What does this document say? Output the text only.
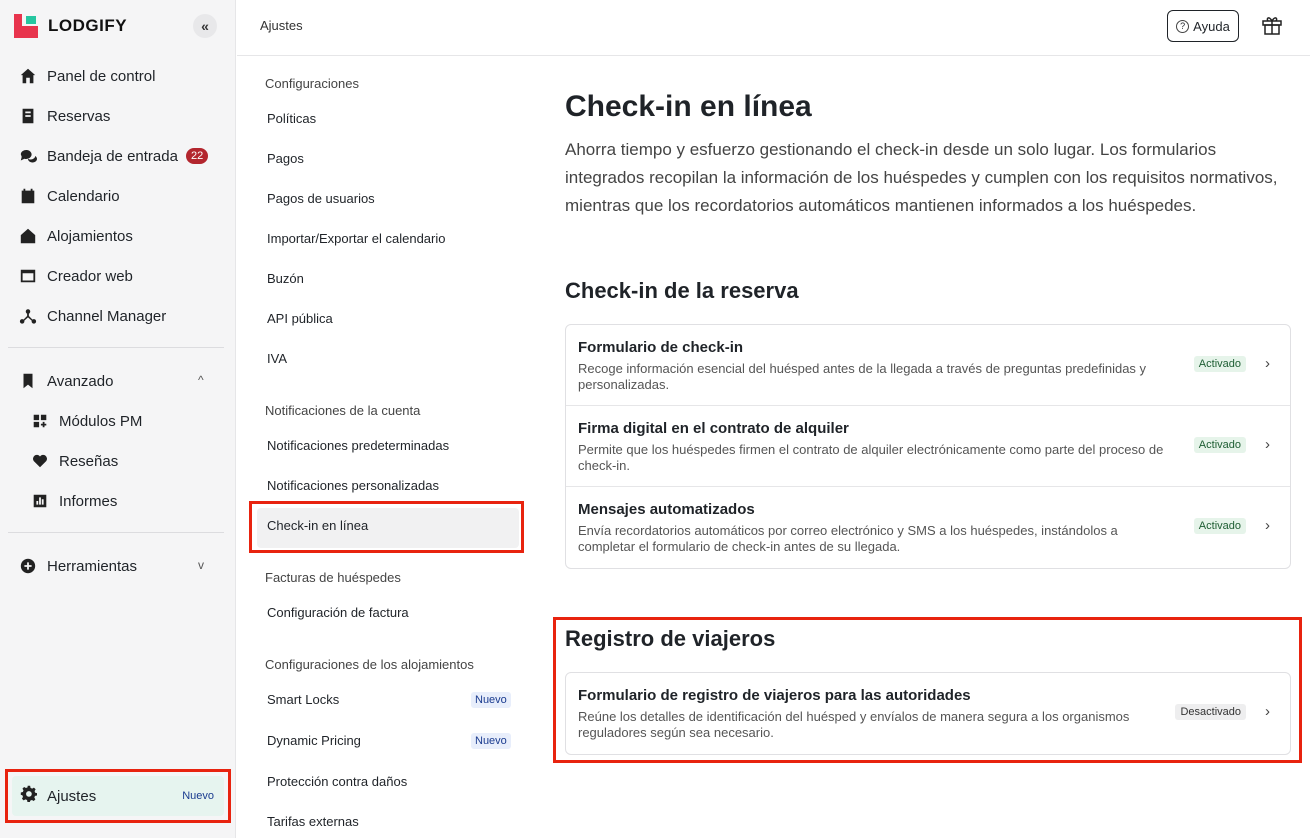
LODGIFY	«
Panel de control
Reservas
Bandeja de entrada	22
Calendario
Alojamientos
Creador web
Channel Manager
Avanzado	^
Módulos PM
Reseñas
Informes
Herramientas	v
Ajustes	Nuevo
Ajustes	? Ayuda
Configuraciones
Políticas
Pagos
Pagos de usuarios
Importar/Exportar el calendario
Buzón
API pública
IVA
Notificaciones de la cuenta
Notificaciones predeterminadas
Notificaciones personalizadas
Check-in en línea
Facturas de huéspedes
Configuración de factura
Configuraciones de los alojamientos
Smart Locks	Nuevo
Dynamic Pricing	Nuevo
Protección contra daños
Tarifas externas
Check-in en línea

Ahorra tiempo y esfuerzo gestionando el check-in desde un solo lugar. Los formularios integrados recopilan la información de los huéspedes y cumplen con los requisitos normativos, mientras que los recordatorios automáticos mantienen informados a los huéspedes.

Check-in de la reserva
Formulario de check-in
Recoge información esencial del huésped antes de la llegada a través de preguntas predefinidas y personalizadas.
Activado	›
Firma digital en el contrato de alquiler
Permite que los huéspedes firmen el contrato de alquiler electrónicamente como parte del proceso de check-in.
Activado	›
Mensajes automatizados
Envía recordatorios automáticos por correo electrónico y SMS a los huéspedes, instándolos a completar el formulario de check-in antes de su llegada.
Activado	›
Registro de viajeros
Formulario de registro de viajeros para las autoridades
Reúne los detalles de identificación del huésped y envíalos de manera segura a los organismos reguladores según sea necesario.
Desactivado	›
